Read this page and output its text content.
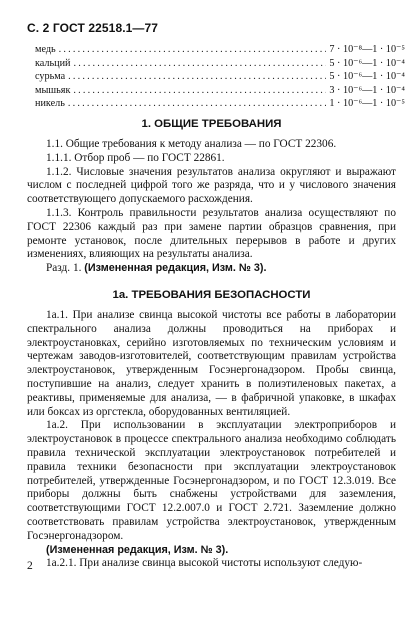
С. 2 ГОСТ 22518.1—77
медь .....	7 · 10⁻⁸—1 · 10⁻⁵
кальций .....	5 · 10⁻⁶—1 · 10⁻⁴
сурьма .....	5 · 10⁻⁶—1 · 10⁻⁴
мышьяк .....	3 · 10⁻⁶—1 · 10⁻⁴
никель .....	1 · 10⁻⁶—1 · 10⁻⁵

1. ОБЩИЕ ТРЕБОВАНИЯ

1.1. Общие требования к методу анализа — по ГОСТ 22306.

1.1.1. Отбор проб — по ГОСТ 22861.

1.1.2. Числовые значения результатов анализа округляют и выражают числом с последней цифрой того же разряда, что и у числового значения соответствующего допускаемого расхождения.

1.1.3. Контроль правильности результатов анализа осуществляют по ГОСТ 22306 каждый раз при замене партии образцов сравнения, при ремонте установок, после длительных перерывов в работе и других изменениях, влияющих на результаты анализа.

Разд. 1. (Измененная редакция, Изм. № 3).

1а. ТРЕБОВАНИЯ БЕЗОПАСНОСТИ

1а.1. При анализе свинца высокой чистоты все работы в лаборатории спектрального анализа должны проводиться на приборах и электроустановках, серийно изготовляемых по техническим условиям и чертежам заводов-изготовителей, соответствующим правилам устройства электроустановок, утвержденным Госэнергонадзором. Пробы свинца, поступившие на анализ, следует хранить в полиэтиленовых пакетах, а реактивы, применяемые для анализа, — в фабричной упаковке, в шкафах или боксах из оргстекла, оборудованных вентиляцией.

1а.2. При использовании в эксплуатации электроприборов и электроустановок в процессе спектрального анализа необходимо соблюдать правила технической эксплуатации электроустановок потребителей и правила техники безопасности при эксплуатации электроустановок потребителей, утвержденные Госэнергонадзором, и по ГОСТ 12.3.019. Все приборы должны быть снабжены устройствами для заземления, соответствующими ГОСТ 12.2.007.0 и ГОСТ 2.721. Заземление должно соответствовать правилам устройства электроустановок, утвержденным Госэнергонадзором.

(Измененная редакция, Изм. № 3).

1а.2.1. При анализе свинца высокой чистоты используют следую-

2
